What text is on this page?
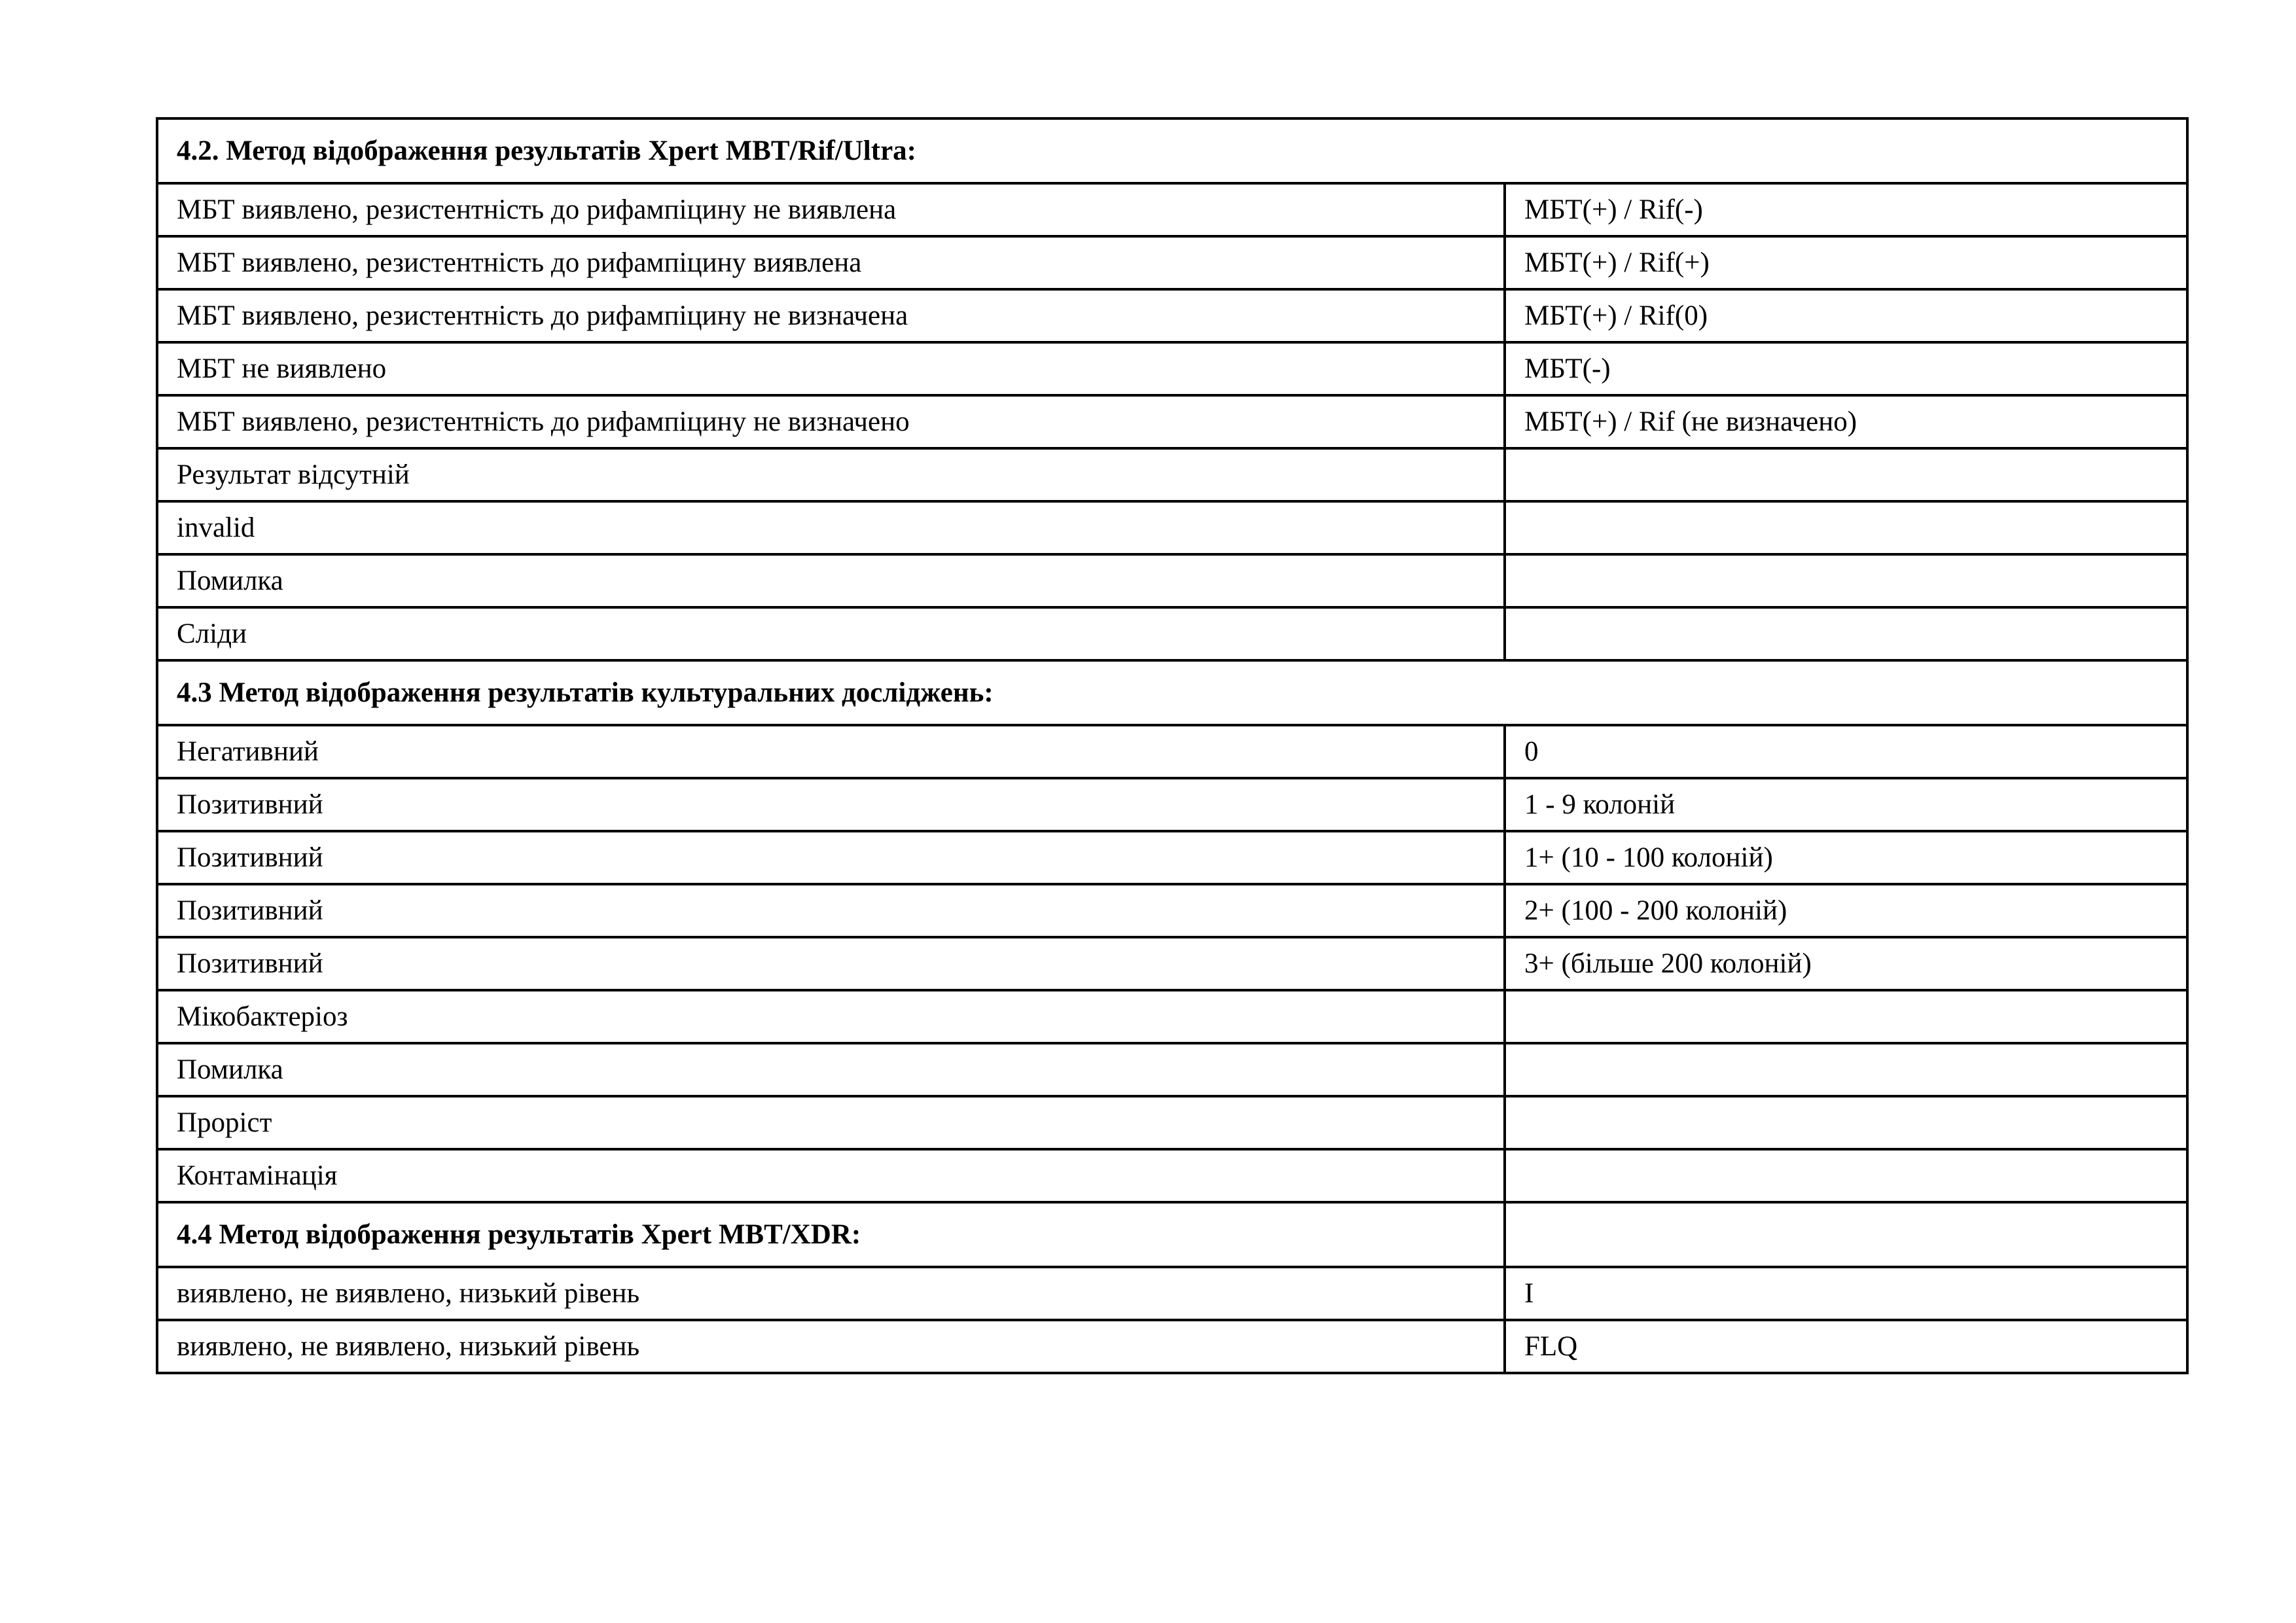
4.2. Метод відображення результатів Xpert MBT/Rif/Ultra:	
МБТ виявлено, резистентність до рифампіцину не виявлена	МБТ(+) / Rif(-)
МБТ виявлено, резистентність до рифампіцину виявлена	МБТ(+) / Rif(+)
МБТ виявлено, резистентність до рифампіцину не визначена	МБТ(+) / Rif(0)
МБТ не виявлено	МБТ(-)
МБТ виявлено, резистентність до рифампіцину не визначено	МБТ(+) / Rif (не визначено)
Результат відсутній	
invalid	
Помилка	
Сліди	
4.3 Метод відображення результатів культуральних досліджень:	
Негативний	0
Позитивний	1 - 9 колоній
Позитивний	1+ (10 - 100 колоній)
Позитивний	2+ (100 - 200 колоній)
Позитивний	3+ (більше 200 колоній)
Мікобактеріоз	
Помилка	
Проріст	
Контамінація	
4.4 Метод відображення результатів Xpert MBT/XDR:	
виявлено, не виявлено, низький рівень	I
виявлено, не виявлено, низький рівень	FLQ
